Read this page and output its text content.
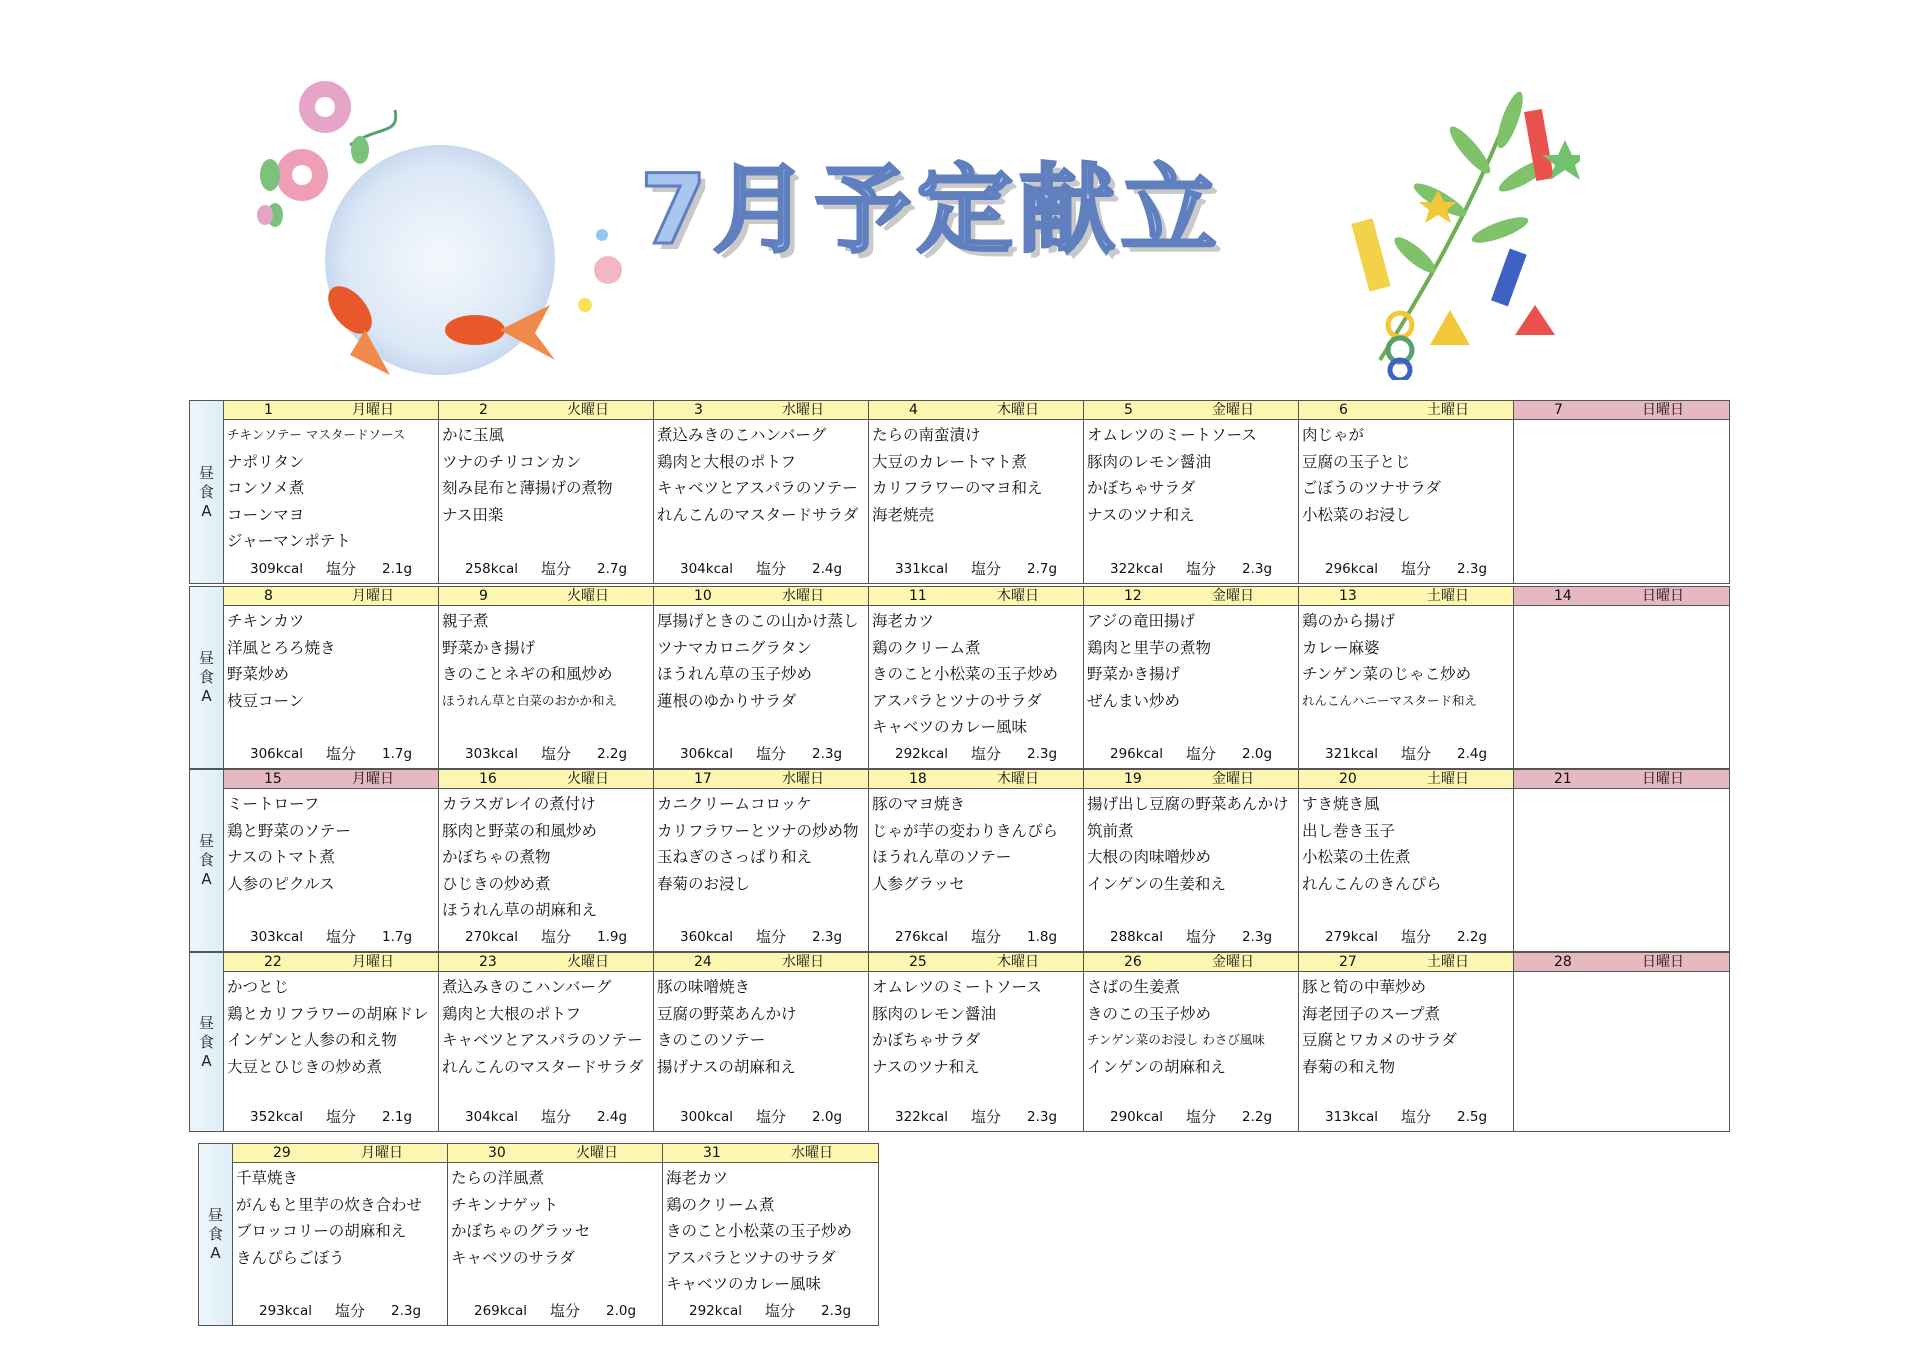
7月予定献立
昼
食
A
1	月曜日
チキンソテー マスタードソース
ナポリタン
コンソメ煮
コーンマヨ
ジャーマンポテト
309kcal 塩分 2.1g
2	火曜日
かに玉風
ツナのチリコンカン
刻み昆布と薄揚げの煮物
ナス田楽
258kcal 塩分 2.7g
3	水曜日
煮込みきのこハンバーグ
鶏肉と大根のポトフ
キャベツとアスパラのソテー
れんこんのマスタードサラダ
304kcal 塩分 2.4g
4	木曜日
たらの南蛮漬け
大豆のカレートマト煮
カリフラワーのマヨ和え
海老焼売
331kcal 塩分 2.7g
5	金曜日
オムレツのミートソース
豚肉のレモン醤油
かぼちゃサラダ
ナスのツナ和え
322kcal 塩分 2.3g
6	土曜日
肉じゃが
豆腐の玉子とじ
ごぼうのツナサラダ
小松菜のお浸し
296kcal 塩分 2.3g
7	日曜日
昼
食
A
8	月曜日
チキンカツ
洋風とろろ焼き
野菜炒め
枝豆コーン
306kcal 塩分 1.7g
9	火曜日
親子煮
野菜かき揚げ
きのことネギの和風炒め
ほうれん草と白菜のおかか和え
303kcal 塩分 2.2g
10	水曜日
厚揚げときのこの山かけ蒸し
ツナマカロニグラタン
ほうれん草の玉子炒め
蓮根のゆかりサラダ
306kcal 塩分 2.3g
11	木曜日
海老カツ
鶏のクリーム煮
きのこと小松菜の玉子炒め
アスパラとツナのサラダ
キャベツのカレー風味
292kcal 塩分 2.3g
12	金曜日
アジの竜田揚げ
鶏肉と里芋の煮物
野菜かき揚げ
ぜんまい炒め
296kcal 塩分 2.0g
13	土曜日
鶏のから揚げ
カレー麻婆
チンゲン菜のじゃこ炒め
れんこんハニーマスタード和え
321kcal 塩分 2.4g
14	日曜日
昼
食
A
15	月曜日
ミートローフ
鶏と野菜のソテー
ナスのトマト煮
人参のピクルス
303kcal 塩分 1.7g
16	火曜日
カラスガレイの煮付け
豚肉と野菜の和風炒め
かぼちゃの煮物
ひじきの炒め煮
ほうれん草の胡麻和え
270kcal 塩分 1.9g
17	水曜日
カニクリームコロッケ
カリフラワーとツナの炒め物
玉ねぎのさっぱり和え
春菊のお浸し
360kcal 塩分 2.3g
18	木曜日
豚のマヨ焼き
じゃが芋の変わりきんぴら
ほうれん草のソテー
人参グラッセ
276kcal 塩分 1.8g
19	金曜日
揚げ出し豆腐の野菜あんかけ
筑前煮
大根の肉味噌炒め
インゲンの生姜和え
288kcal 塩分 2.3g
20	土曜日
すき焼き風
出し巻き玉子
小松菜の土佐煮
れんこんのきんぴら
279kcal 塩分 2.2g
21	日曜日
昼
食
A
22	月曜日
かつとじ
鶏とカリフラワーの胡麻ドレ
インゲンと人参の和え物
大豆とひじきの炒め煮
352kcal 塩分 2.1g
23	火曜日
煮込みきのこハンバーグ
鶏肉と大根のポトフ
キャベツとアスパラのソテー
れんこんのマスタードサラダ
304kcal 塩分 2.4g
24	水曜日
豚の味噌焼き
豆腐の野菜あんかけ
きのこのソテー
揚げナスの胡麻和え
300kcal 塩分 2.0g
25	木曜日
オムレツのミートソース
豚肉のレモン醤油
かぼちゃサラダ
ナスのツナ和え
322kcal 塩分 2.3g
26	金曜日
さばの生姜煮
きのこの玉子炒め
チンゲン菜のお浸し わさび風味
インゲンの胡麻和え
290kcal 塩分 2.2g
27	土曜日
豚と筍の中華炒め
海老団子のスープ煮
豆腐とワカメのサラダ
春菊の和え物
313kcal 塩分 2.5g
28	日曜日
昼
食
A
29	月曜日
千草焼き
がんもと里芋の炊き合わせ
ブロッコリーの胡麻和え
きんぴらごぼう
293kcal 塩分 2.3g
30	火曜日
たらの洋風煮
チキンナゲット
かぼちゃのグラッセ
キャベツのサラダ
269kcal 塩分 2.0g
31	水曜日
海老カツ
鶏のクリーム煮
きのこと小松菜の玉子炒め
アスパラとツナのサラダ
キャベツのカレー風味
292kcal 塩分 2.3g
